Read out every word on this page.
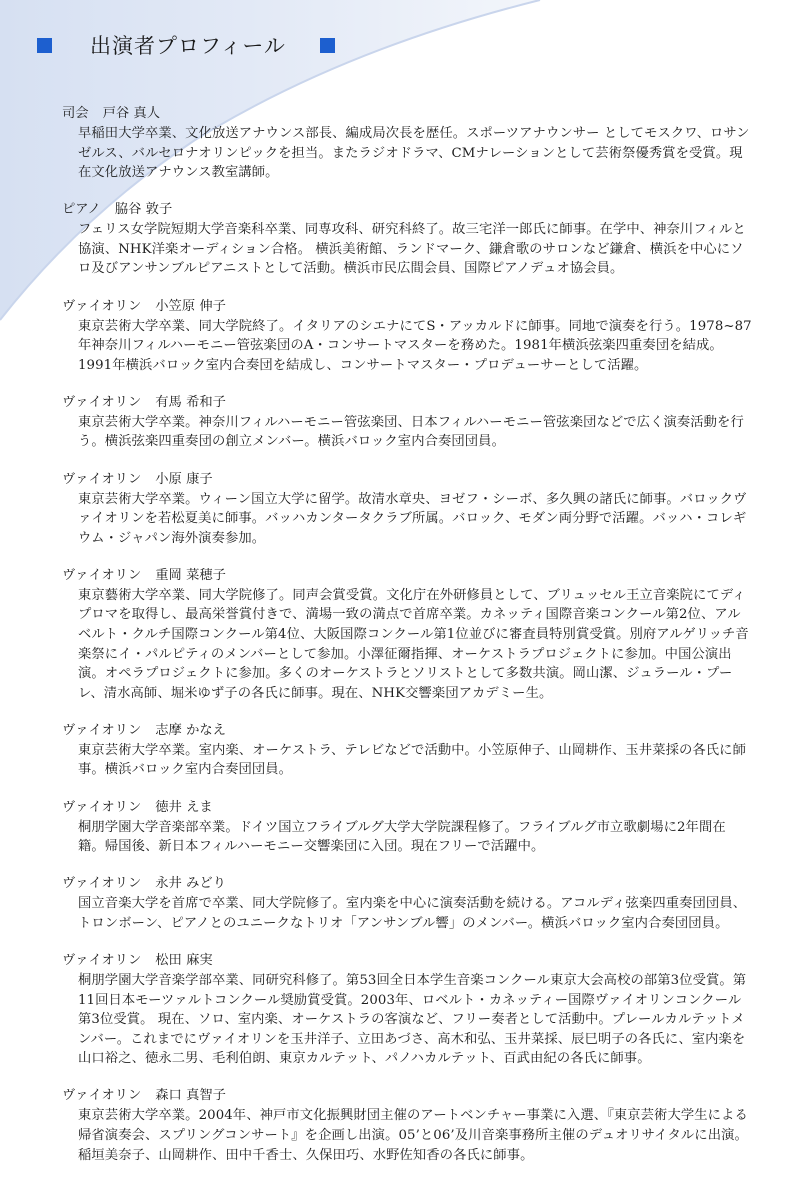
出演者プロフィール
司会 戸谷 真人
早稲田大学卒業、文化放送アナウンス部長、編成局次長を歴任。スポーツアナウンサー としてモスクワ、ロサンゼルス、バルセロナオリンピックを担当。またラジオドラマ、CMナレーションとして芸術祭優秀賞を受賞。現在文化放送アナウンス教室講師。
ピアノ 脇谷 敦子
フェリス女学院短期大学音楽科卒業、同専攻科、研究科終了。故三宅洋一郎氏に師事。在学中、神奈川フィルと協演、NHK洋楽オーディション合格。 横浜美術館、ランドマーク、鎌倉歌のサロンなど鎌倉、横浜を中心にソロ及びアンサンブルピアニストとして活動。横浜市民広間会員、国際ピアノデュオ協会員。
ヴァイオリン 小笠原 伸子
東京芸術大学卒業、同大学院終了。イタリアのシエナにてS・アッカルドに師事。同地で演奏を行う。1978~87年神奈川フィルハーモニー管弦楽団のA・コンサートマスターを務めた。1981年横浜弦楽四重奏団を結成。1991年横浜バロック室内合奏団を結成し、コンサートマスター・プロデューサーとして活躍。
ヴァイオリン 有馬 希和子
東京芸術大学卒業。神奈川フィルハーモニー管弦楽団、日本フィルハーモニー管弦楽団などで広く演奏活動を行う。横浜弦楽四重奏団の創立メンバー。横浜バロック室内合奏団団員。
ヴァイオリン 小原 康子
東京芸術大学卒業。ウィーン国立大学に留学。故清水章央、ヨゼフ・シーボ、多久興の諸氏に師事。バロックヴァイオリンを若松夏美に師事。バッハカンタータクラブ所属。バロック、モダン両分野で活躍。バッハ・コレギウム・ジャパン海外演奏参加。
ヴァイオリン 重岡 菜穂子
東京藝術大学卒業、同大学院修了。同声会賞受賞。文化庁在外研修員として、ブリュッセル王立音楽院にてディプロマを取得し、最高栄誉賞付きで、満場一致の満点で首席卒業。カネッティ国際音楽コンクール第2位、アルベルト・クルチ国際コンクール第4位、大阪国際コンクール第1位並びに審査員特別賞受賞。別府アルゲリッチ音楽祭にイ・パルピティのメンバーとして参加。小澤征爾指揮、オーケストラプロジェクトに参加。中国公演出演。オペラプロジェクトに参加。多くのオーケストラとソリストとして多数共演。岡山潔、ジュラール・プーレ、清水高師、堀米ゆず子の各氏に師事。現在、NHK交響楽団アカデミー生。
ヴァイオリン 志摩 かなえ
東京芸術大学卒業。室内楽、オーケストラ、テレビなどで活動中。小笠原伸子、山岡耕作、玉井菜採の各氏に師事。横浜バロック室内合奏団団員。
ヴァイオリン 徳井 えま
桐朋学園大学音楽部卒業。ドイツ国立フライブルグ大学大学院課程修了。フライブルグ市立歌劇場に2年間在籍。帰国後、新日本フィルハーモニー交響楽団に入団。現在フリーで活躍中。
ヴァイオリン 永井 みどり
国立音楽大学を首席で卒業、同大学院修了。室内楽を中心に演奏活動を続ける。アコルディ弦楽四重奏団団員、トロンボーン、ピアノとのユニークなトリオ「アンサンブル響」のメンバー。横浜バロック室内合奏団団員。
ヴァイオリン 松田 麻実
桐朋学園大学音楽学部卒業、同研究科修了。第53回全日本学生音楽コンクール東京大会高校の部第3位受賞。第11回日本モーツァルトコンクール奨励賞受賞。2003年、ロベルト・カネッティー国際ヴァイオリンコンクール第3位受賞。 現在、ソロ、室内楽、オーケストラの客演など、フリー奏者として活動中。プレールカルテットメンバー。これまでにヴァイオリンを玉井洋子、立田あづさ、高木和弘、玉井菜採、辰巳明子の各氏に、室内楽を山口裕之、徳永二男、毛利伯朗、東京カルテット、パノハカルテット、百武由紀の各氏に師事。
ヴァイオリン 森口 真智子
東京芸術大学卒業。2004年、神戸市文化振興財団主催のアートベンチャー事業に入選、『東京芸術大学生による帰省演奏会、スプリングコンサート』を企画し出演。05’と06’及川音楽事務所主催のデュオリサイタルに出演。稲垣美奈子、山岡耕作、田中千香士、久保田巧、水野佐知香の各氏に師事。
